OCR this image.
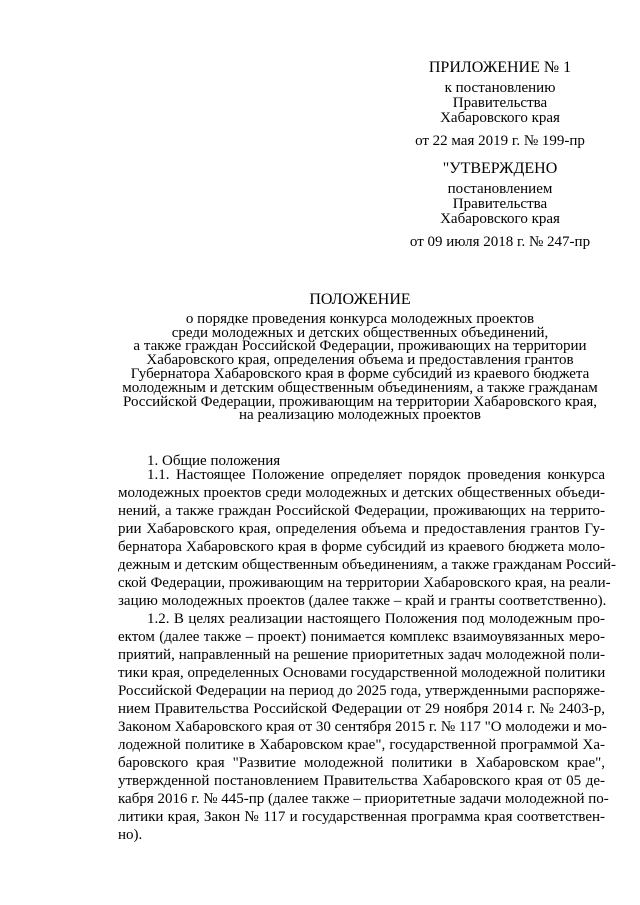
ПРИЛОЖЕНИЕ № 1
к постановлению
Правительства
Хабаровского края
от 22 мая 2019 г. № 199-пр
"УТВЕРЖДЕНО
постановлением
Правительства
Хабаровского края
от 09 июля 2018 г. № 247-пр
ПОЛОЖЕНИЕ
о порядке проведения конкурса молодежных проектов
среди молодежных и детских общественных объединений,
а также граждан Российской Федерации, проживающих на территории
Хабаровского края, определения объема и предоставления грантов
Губернатора Хабаровского края в форме субсидий из краевого бюджета
молодежным и детским общественным объединениям, а также гражданам
Российской Федерации, проживающим на территории Хабаровского края,
на реализацию молодежных проектов
1. Общие положения
1.1. Настоящее Положение определяет порядок проведения конкурса
молодежных проектов среди молодежных и детских общественных объеди-
нений, а также граждан Российской Федерации, проживающих на террито-
рии Хабаровского края, определения объема и предоставления грантов Гу-
бернатора Хабаровского края в форме субсидий из краевого бюджета моло-
дежным и детским общественным объединениям, а также гражданам Россий-
ской Федерации, проживающим на территории Хабаровского края, на реали-
зацию молодежных проектов (далее также – край и гранты соответственно).
1.2. В целях реализации настоящего Положения под молодежным про-
ектом (далее также – проект) понимается комплекс взаимоувязанных меро-
приятий, направленный на решение приоритетных задач молодежной поли-
тики края, определенных Основами государственной молодежной политики
Российской Федерации на период до 2025 года, утвержденными распоряже-
нием Правительства Российской Федерации от 29 ноября 2014 г. № 2403-р,
Законом Хабаровского края от 30 сентября 2015 г. № 117 "О молодежи и мо-
лодежной политике в Хабаровском крае", государственной программой Ха-
баровского края "Развитие молодежной политики в Хабаровском крае",
утвержденной постановлением Правительства Хабаровского края от 05 де-
кабря 2016 г. № 445-пр (далее также – приоритетные задачи молодежной по-
литики края, Закон № 117 и государственная программа края соответствен-
но).
